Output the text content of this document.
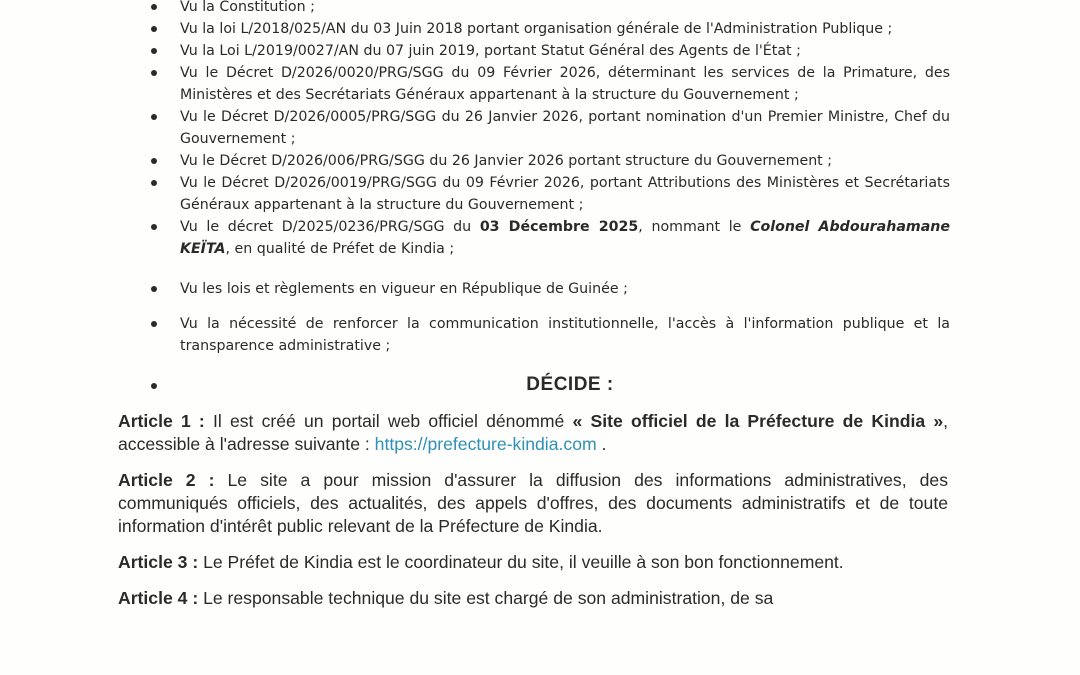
Vu la Constitution ;
Vu la loi L/2018/025/AN du 03 Juin 2018 portant organisation générale de l'Administration Publique ;
Vu la Loi L/2019/0027/AN du 07 juin 2019, portant Statut Général des Agents de l'État ;
Vu le Décret D/2026/0020/PRG/SGG du 09 Février 2026, déterminant les services de la Primature, des Ministères et des Secrétariats Généraux appartenant à la structure du Gouvernement ;
Vu le Décret D/2026/0005/PRG/SGG du 26 Janvier 2026, portant nomination d'un Premier Ministre, Chef du Gouvernement ;
Vu le Décret D/2026/006/PRG/SGG du 26 Janvier 2026 portant structure du Gouvernement ;
Vu le Décret D/2026/0019/PRG/SGG du 09 Février 2026, portant Attributions des Ministères et Secrétariats Généraux appartenant à la structure du Gouvernement ;
Vu le décret D/2025/0236/PRG/SGG du 03 Décembre 2025, nommant le Colonel Abdourahamane KEÏTA, en qualité de Préfet de Kindia ;
Vu les lois et règlements en vigueur en République de Guinée ;
Vu la nécessité de renforcer la communication institutionnelle, l'accès à l'information publique et la transparence administrative ;
DÉCIDE :

Article 1 : Il est créé un portail web officiel dénommé « Site officiel de la Préfecture de Kindia », accessible à l'adresse suivante : https://prefecture-kindia.com .

Article 2 : Le site a pour mission d'assurer la diffusion des informations administratives, des communiqués officiels, des actualités, des appels d'offres, des documents administratifs et de toute information d'intérêt public relevant de la Préfecture de Kindia.

Article 3 : Le Préfet de Kindia est le coordinateur du site, il veuille à son bon fonctionnement.

Article 4 : Le responsable technique du site est chargé de son administration, de sa
